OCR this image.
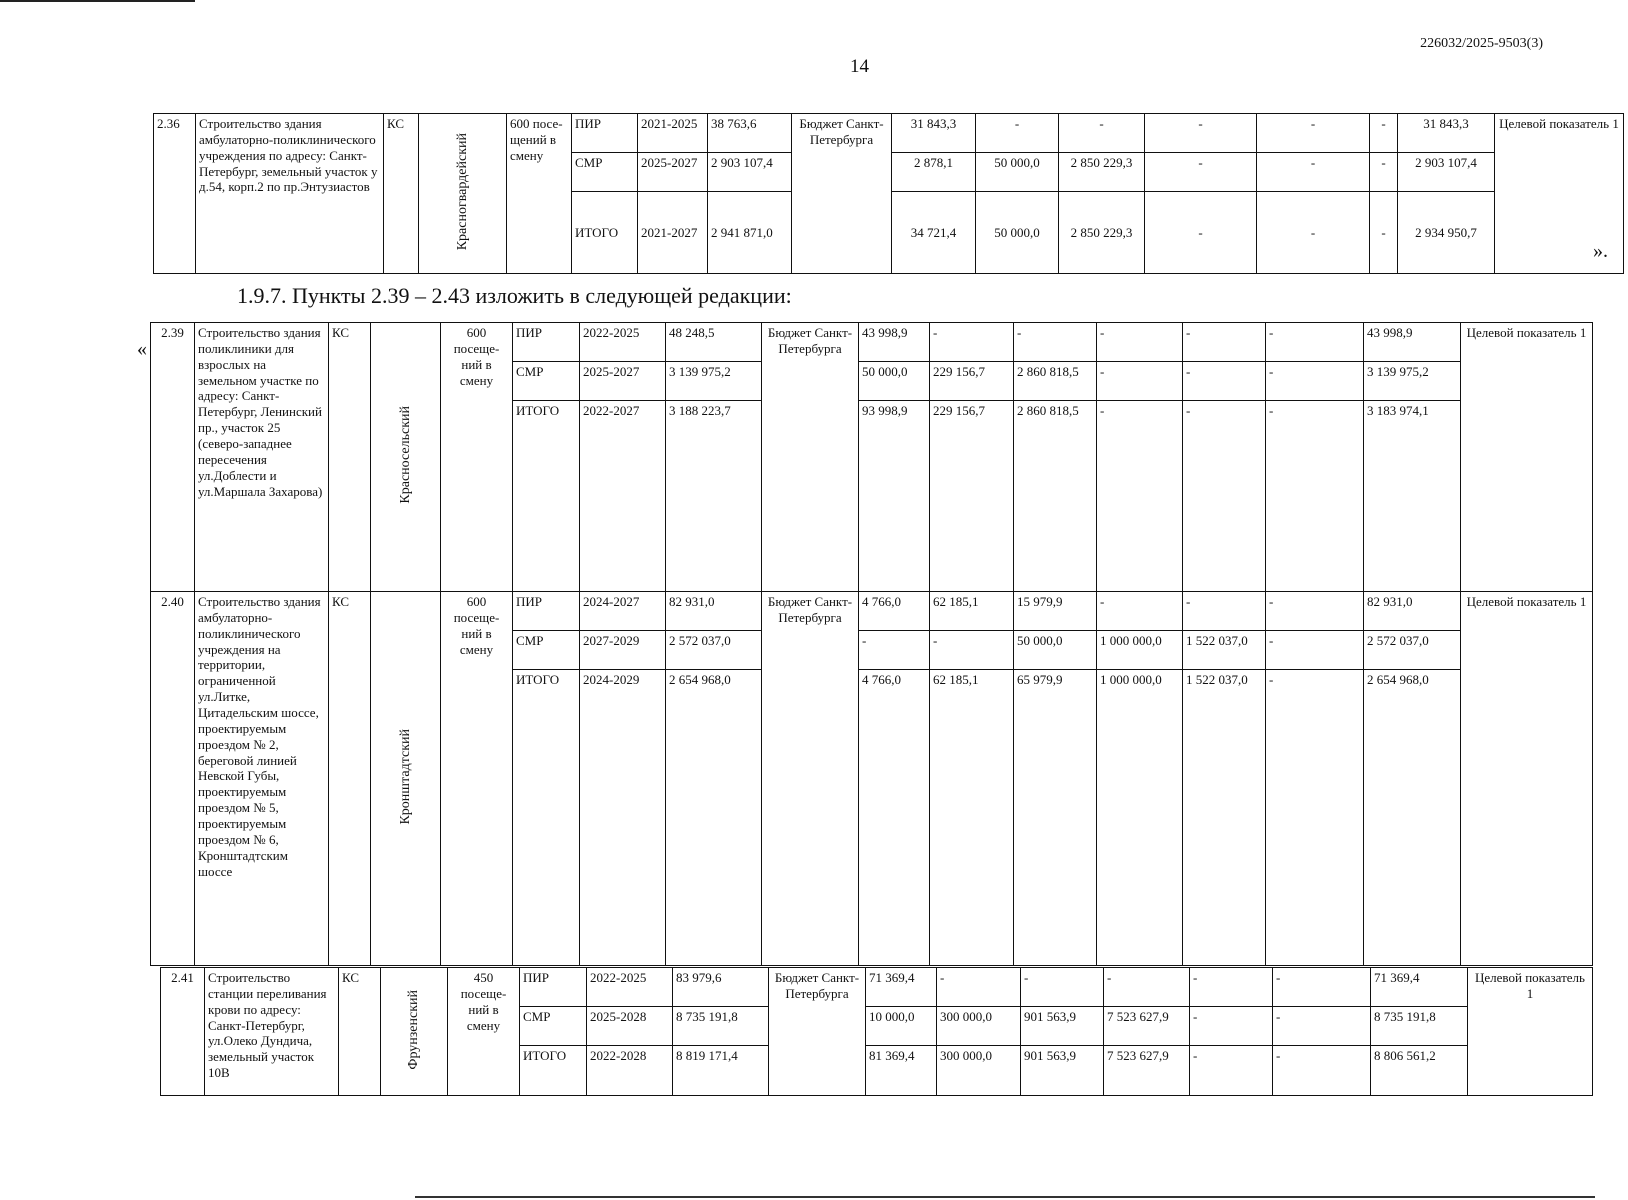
226032/2025-9503(3)
14
2.36	Строительство здания амбулаторно-поликлинического учреждения по адресу: Санкт-Петербург, земельный участок у д.54, корп.2 по пр.Энтузиастов	КС	Красногвардейский	600 посе-щений в смену	ПИР	2021-2025	38 763,6	Бюджет Санкт-Петербурга	31 843,3	-	-	-	-	-	31 843,3	Целевой показатель 1
					СМР	2025-2027	2 903 107,4		2 878,1	50 000,0	2 850 229,3	-	-	-	2 903 107,4	
					ИТОГО	2021-2027	2 941 871,0		34 721,4	50 000,0	2 850 229,3	-	-	-	2 934 950,7	
».
1.9.7. Пункты 2.39 – 2.43 изложить в следующей редакции:
«
2.39	Строительство здания поликлиники для взрослых на земельном участке по адресу: Санкт-Петербург, Ленинский пр., участок 25 (северо-западнее пересечения ул.Доблести и ул.Маршала Захарова)	КС	Красносельский	600 посеще-ний в смену	ПИР	2022-2025	48 248,5	Бюджет Санкт-Петербурга	43 998,9	-	-	-	-	-	43 998,9	Целевой показатель 1
					СМР	2025-2027	3 139 975,2		50 000,0	229 156,7	2 860 818,5	-	-	-	3 139 975,2	
					ИТОГО	2022-2027	3 188 223,7		93 998,9	229 156,7	2 860 818,5	-	-	-	3 183 974,1	
2.40	Строительство здания амбулаторно-поликлинического учреждения на территории, ограниченной ул.Литке, Цитадельским шоссе, проектируемым проездом № 2, береговой линией Невской Губы, проектируемым проездом № 5, проектируемым проездом № 6, Кронштадтским шоссе	КС	Кронштадтский	600 посеще-ний в смену	ПИР	2024-2027	82 931,0	Бюджет Санкт-Петербурга	4 766,0	62 185,1	15 979,9	-	-	-	82 931,0	Целевой показатель 1
					СМР	2027-2029	2 572 037,0		-	-	50 000,0	1 000 000,0	1 522 037,0	-	2 572 037,0	
					ИТОГО	2024-2029	2 654 968,0		4 766,0	62 185,1	65 979,9	1 000 000,0	1 522 037,0	-	2 654 968,0	
2.41	Строительство станции переливания крови по адресу: Санкт-Петербург, ул.Олеко Дундича, земельный участок 10В	КС	Фрунзенский	450 посеще-ний в смену	ПИР	2022-2025	83 979,6	Бюджет Санкт-Петербурга	71 369,4	-	-	-	-	-	71 369,4	Целевой показатель 1
					СМР	2025-2028	8 735 191,8		10 000,0	300 000,0	901 563,9	7 523 627,9	-	-	8 735 191,8	
					ИТОГО	2022-2028	8 819 171,4		81 369,4	300 000,0	901 563,9	7 523 627,9	-	-	8 806 561,2	
